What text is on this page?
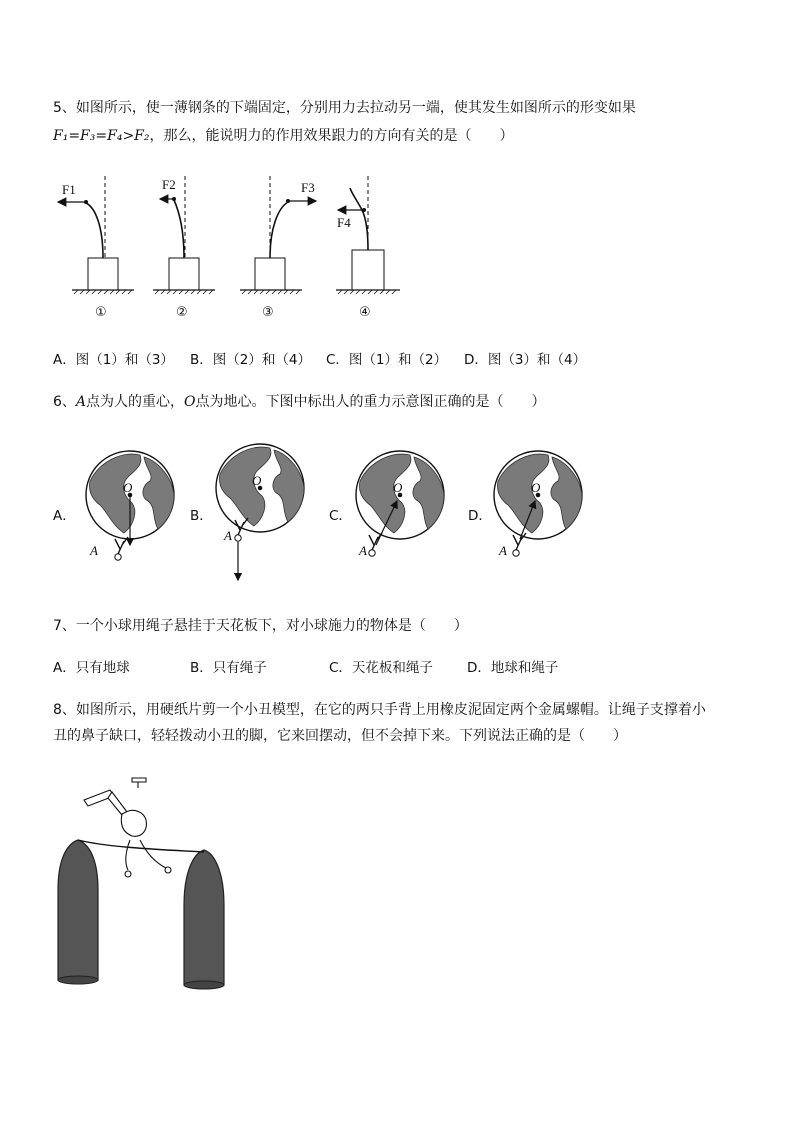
5、如图所示，使一薄钢条的下端固定，分别用力去拉动另一端，使其发生如图所示的形变如果
F₁=F₃=F₄>F₂，那么，能说明力的作用效果跟力的方向有关的是（　　）
F1	F2	F3
F4
①	②	③	④
A．图（1）和（3） B．图（2）和（4） C．图（1）和（2） D．图（3）和（4）
6、A点为人的重心，O点为地心。下图中标出人的重力示意图正确的是（　　）
A．	B．	C．	D．
O
A
O
A
O
A
O
A
7、一个小球用绳子悬挂于天花板下，对小球施力的物体是（　　）
A．只有地球	B．只有绳子	C．天花板和绳子	D．地球和绳子
8、如图所示，用硬纸片剪一个小丑模型，在它的两只手背上用橡皮泥固定两个金属螺帽。让绳子支撑着小
丑的鼻子缺口，轻轻拨动小丑的脚，它来回摆动，但不会掉下来。下列说法正确的是（　　）
